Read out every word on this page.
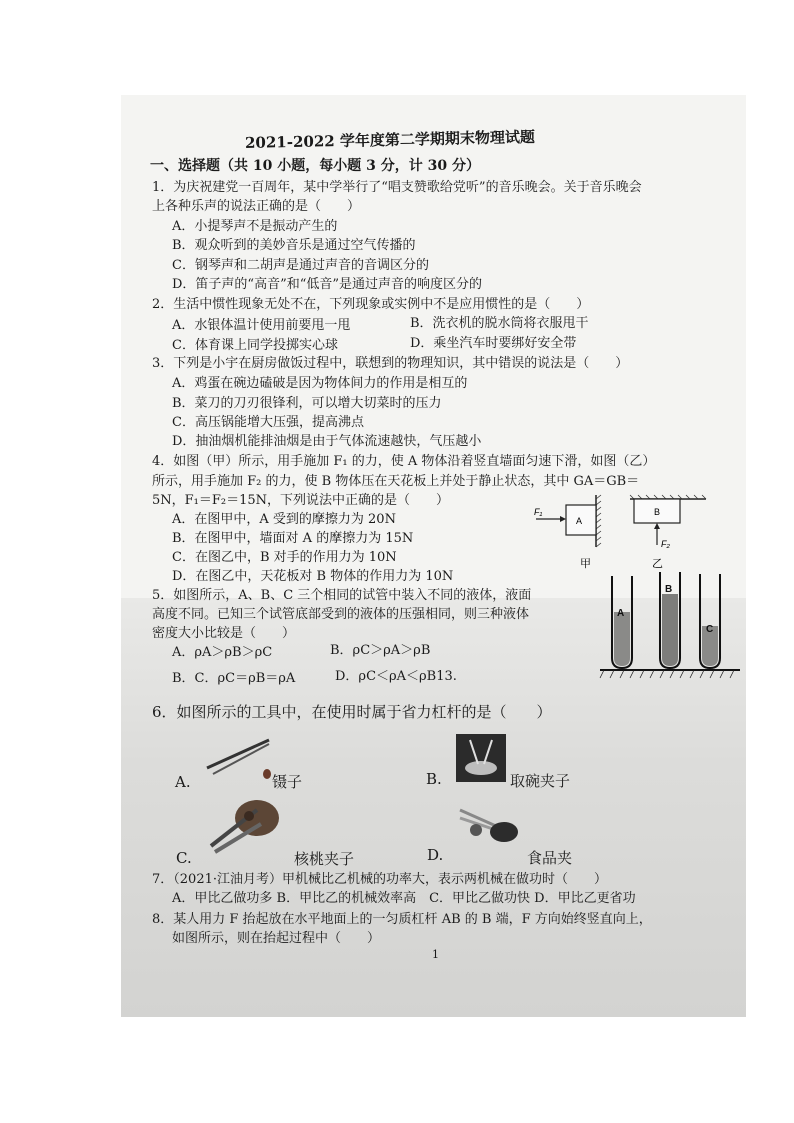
2021-2022 学年度第二学期期末物理试题
一、选择题（共 10 小题，每小题 3 分，计 30 分）
1．为庆祝建党一百周年，某中学举行了“唱支赞歌给党听”的音乐晚会。关于音乐晚会
上各种乐声的说法正确的是（　　）
A．小提琴声不是振动产生的
B．观众听到的美妙音乐是通过空气传播的
C．钢琴声和二胡声是通过声音的音调区分的
D．笛子声的“高音”和“低音”是通过声音的响度区分的
2．生活中惯性现象无处不在，下列现象或实例中不是应用惯性的是（　　）
A．水银体温计使用前要甩一甩	B．洗衣机的脱水筒将衣服甩干
C．体育课上同学投掷实心球	D．乘坐汽车时要绑好安全带
3．下列是小宇在厨房做饭过程中，联想到的物理知识，其中错误的说法是（　　）
A．鸡蛋在碗边磕破是因为物体间力的作用是相互的
B．菜刀的刀刃很锋利，可以增大切菜时的压力
C．高压锅能增大压强，提高沸点
D．抽油烟机能排油烟是由于气体流速越快，气压越小
4．如图（甲）所示，用手施加 F₁ 的力，使 A 物体沿着竖直墙面匀速下滑，如图（乙）
所示，用手施加 F₂ 的力，使 B 物体压在天花板上并处于静止状态，其中 GA＝GB＝
5N，F₁＝F₂＝15N，下列说法中正确的是（　　）
A．在图甲中，A 受到的摩擦力为 20N
B．在图甲中，墙面对 A 的摩擦力为 15N
C．在图乙中，B 对手的作用力为 10N
D．在图乙中，天花板对 B 物体的作用力为 10N
A
F₁
甲
B
F₂
乙
5．如图所示，A、B、C 三个相同的试管中装入不同的液体，液面
高度不同。已知三个试管底部受到的液体的压强相同，则三种液体
密度大小比较是（　　）
A．ρA＞ρB＞ρC	B．ρC＞ρA＞ρB
B．C．ρC＝ρB＝ρA	D．ρC＜ρA＜ρB13.
A
B
C
6．如图所示的工具中，在使用时属于省力杠杆的是（　　）
A.	镊子	B.	取碗夹子
C.	核桃夹子	D.	食品夹
7．（2021·江油月考）甲机械比乙机械的功率大，表示两机械在做功时（　　）
A．甲比乙做功多 B．甲比乙的机械效率高　C．甲比乙做功快 D．甲比乙更省功
8．某人用力 F 抬起放在水平地面上的一匀质杠杆 AB 的 B 端，F 方向始终竖直向上，
如图所示，则在抬起过程中（　　）
1
